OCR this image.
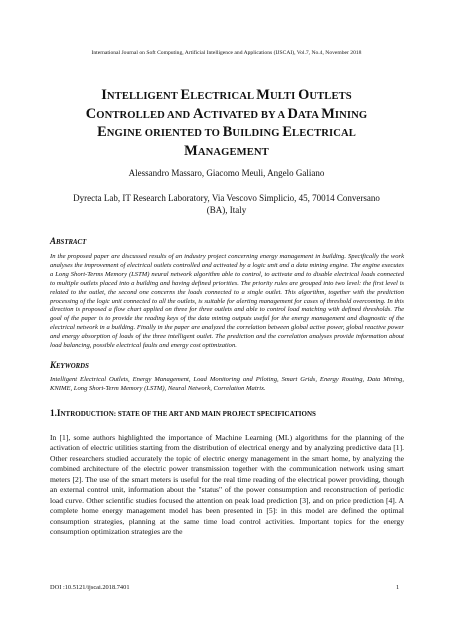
International Journal on Soft Computing, Artificial Intelligence and Applications (IJSCAI), Vol.7, No.4, November 2018
INTELLIGENT ELECTRICAL MULTI OUTLETS
CONTROLLED AND ACTIVATED BY A DATA MINING
ENGINE ORIENTED TO BUILDING ELECTRICAL
MANAGEMENT
Alessandro Massaro, Giacomo Meuli, Angelo Galiano
Dyrecta Lab, IT Research Laboratory, Via Vescovo Simplicio, 45, 70014 Conversano
(BA), Italy
ABSTRACT
In the proposed paper are discussed results of an industry project concerning energy management in building. Specifically the work analyses the improvement of electrical outlets controlled and activated by a logic unit and a data mining engine. The engine executes a Long Short-Terms Memory (LSTM) neural network algorithm able to control, to activate and to disable electrical loads connected to multiple outlets placed into a building and having defined priorities. The priority rules are grouped into two level: the first level is related to the outlet, the second one concerns the loads connected to a single outlet. This algorithm, together with the prediction processing of the logic unit connected to all the outlets, is suitable for alerting management for cases of threshold overcoming. In this direction is proposed a flow chart applied on three for three outlets and able to control load matching with defined thresholds. The goal of the paper is to provide the reading keys of the data mining outputs useful for the energy management and diagnostic of the electrical network in a building. Finally in the paper are analyzed the correlation between global active power, global reactive power and energy absorption of loads of the three intelligent outlet. The prediction and the correlation analyses provide information about load balancing, possible electrical faults and energy cost optimization.
KEYWORDS
Intelligent Electrical Outlets, Energy Management, Load Monitoring and Piloting, Smart Grids, Energy Routing, Data Mining, KNIME, Long Short-Term Memory (LSTM), Neural Network, Correlation Matrix.
1.INTRODUCTION: STATE OF THE ART AND MAIN PROJECT SPECIFICATIONS
In [1], some authors highlighted the importance of Machine Learning (ML) algorithms for the planning of the activation of electric utilities starting from the distribution of electrical energy and by analyzing predictive data [1]. Other researchers studied accurately the topic of electric energy management in the smart home, by analyzing the combined architecture of the electric power transmission together with the communication network using smart meters [2]. The use of the smart meters is useful for the real time reading of the electrical power providing, though an external control unit, information about the "status" of the power consumption and reconstruction of periodic load curve. Other scientific studies focused the attention on peak load prediction [3], and on price prediction [4]. A complete home energy management model has been presented in [5]: in this model are defined the optimal consumption strategies, planning at the same time load control activities. Important topics for the energy consumption optimization strategies are the
DOI :10.5121/ijscai.2018.7401	1
